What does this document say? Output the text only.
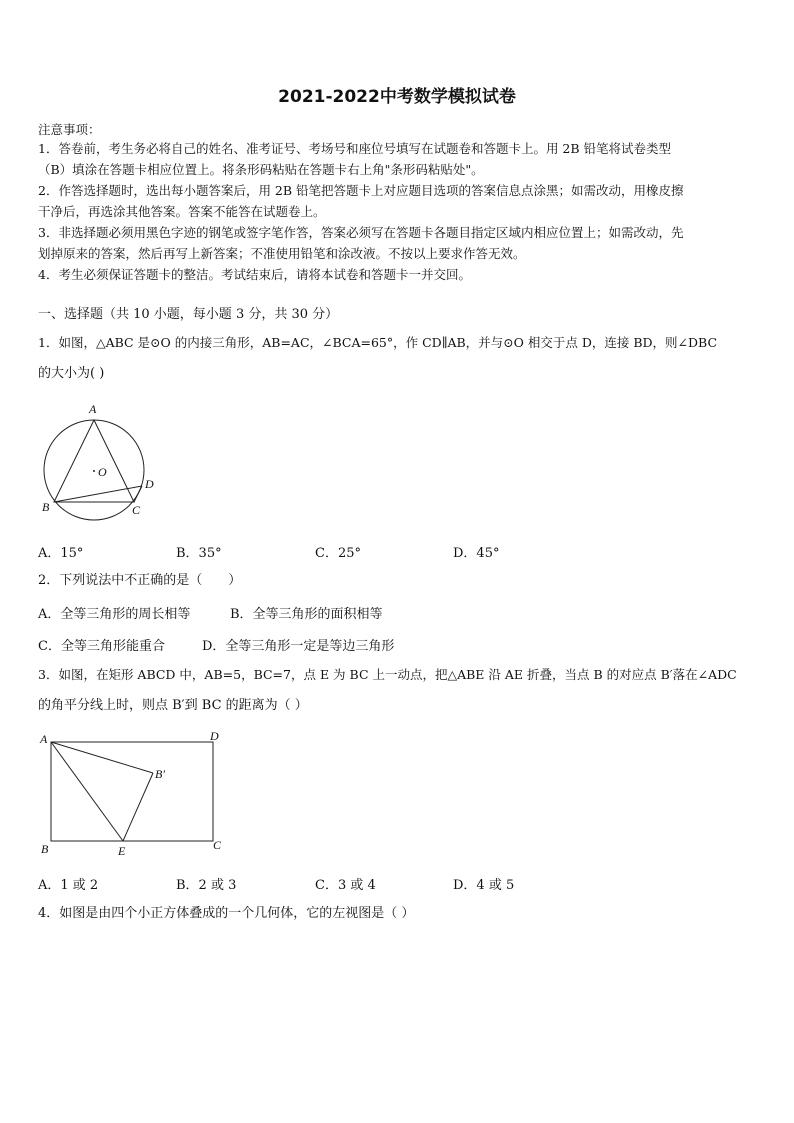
2021-2022中考数学模拟试卷
注意事项：
1．答卷前，考生务必将自己的姓名、准考证号、考场号和座位号填写在试题卷和答题卡上。用 2B 铅笔将试卷类型
（B）填涂在答题卡相应位置上。将条形码粘贴在答题卡右上角"条形码粘贴处"。
2．作答选择题时，选出每小题答案后，用 2B 铅笔把答题卡上对应题目选项的答案信息点涂黑；如需改动，用橡皮擦
干净后，再选涂其他答案。答案不能答在试题卷上。
3．非选择题必须用黑色字迹的钢笔或签字笔作答，答案必须写在答题卡各题目指定区域内相应位置上；如需改动，先
划掉原来的答案，然后再写上新答案；不准使用铅笔和涂改液。不按以上要求作答无效。
4．考生必须保证答题卡的整洁。考试结束后，请将本试卷和答题卡一并交回。
一、选择题（共 10 小题，每小题 3 分，共 30 分）
1．如图，△ABC 是⊙O 的内接三角形，AB=AC，∠BCA=65°，作 CD∥AB，并与⊙O 相交于点 D，连接 BD，则∠DBC
的大小为( )
A
O
D
B	C
A．15°	B．35°	C．25°	D．45°
2．下列说法中不正确的是（　　）
A．全等三角形的周长相等	B．全等三角形的面积相等
C．全等三角形能重合	D．全等三角形一定是等边三角形
3．如图，在矩形 ABCD 中，AB=5，BC=7，点 E 为 BC 上一动点，把△ABE 沿 AE 折叠，当点 B 的对应点 B′落在∠ADC
的角平分线上时，则点 B′到 BC 的距离为（ ）
A	D
B′
B	E	C
A．1 或 2	B．2 或 3	C．3 或 4	D．4 或 5
4．如图是由四个小正方体叠成的一个几何体，它的左视图是（ ）
